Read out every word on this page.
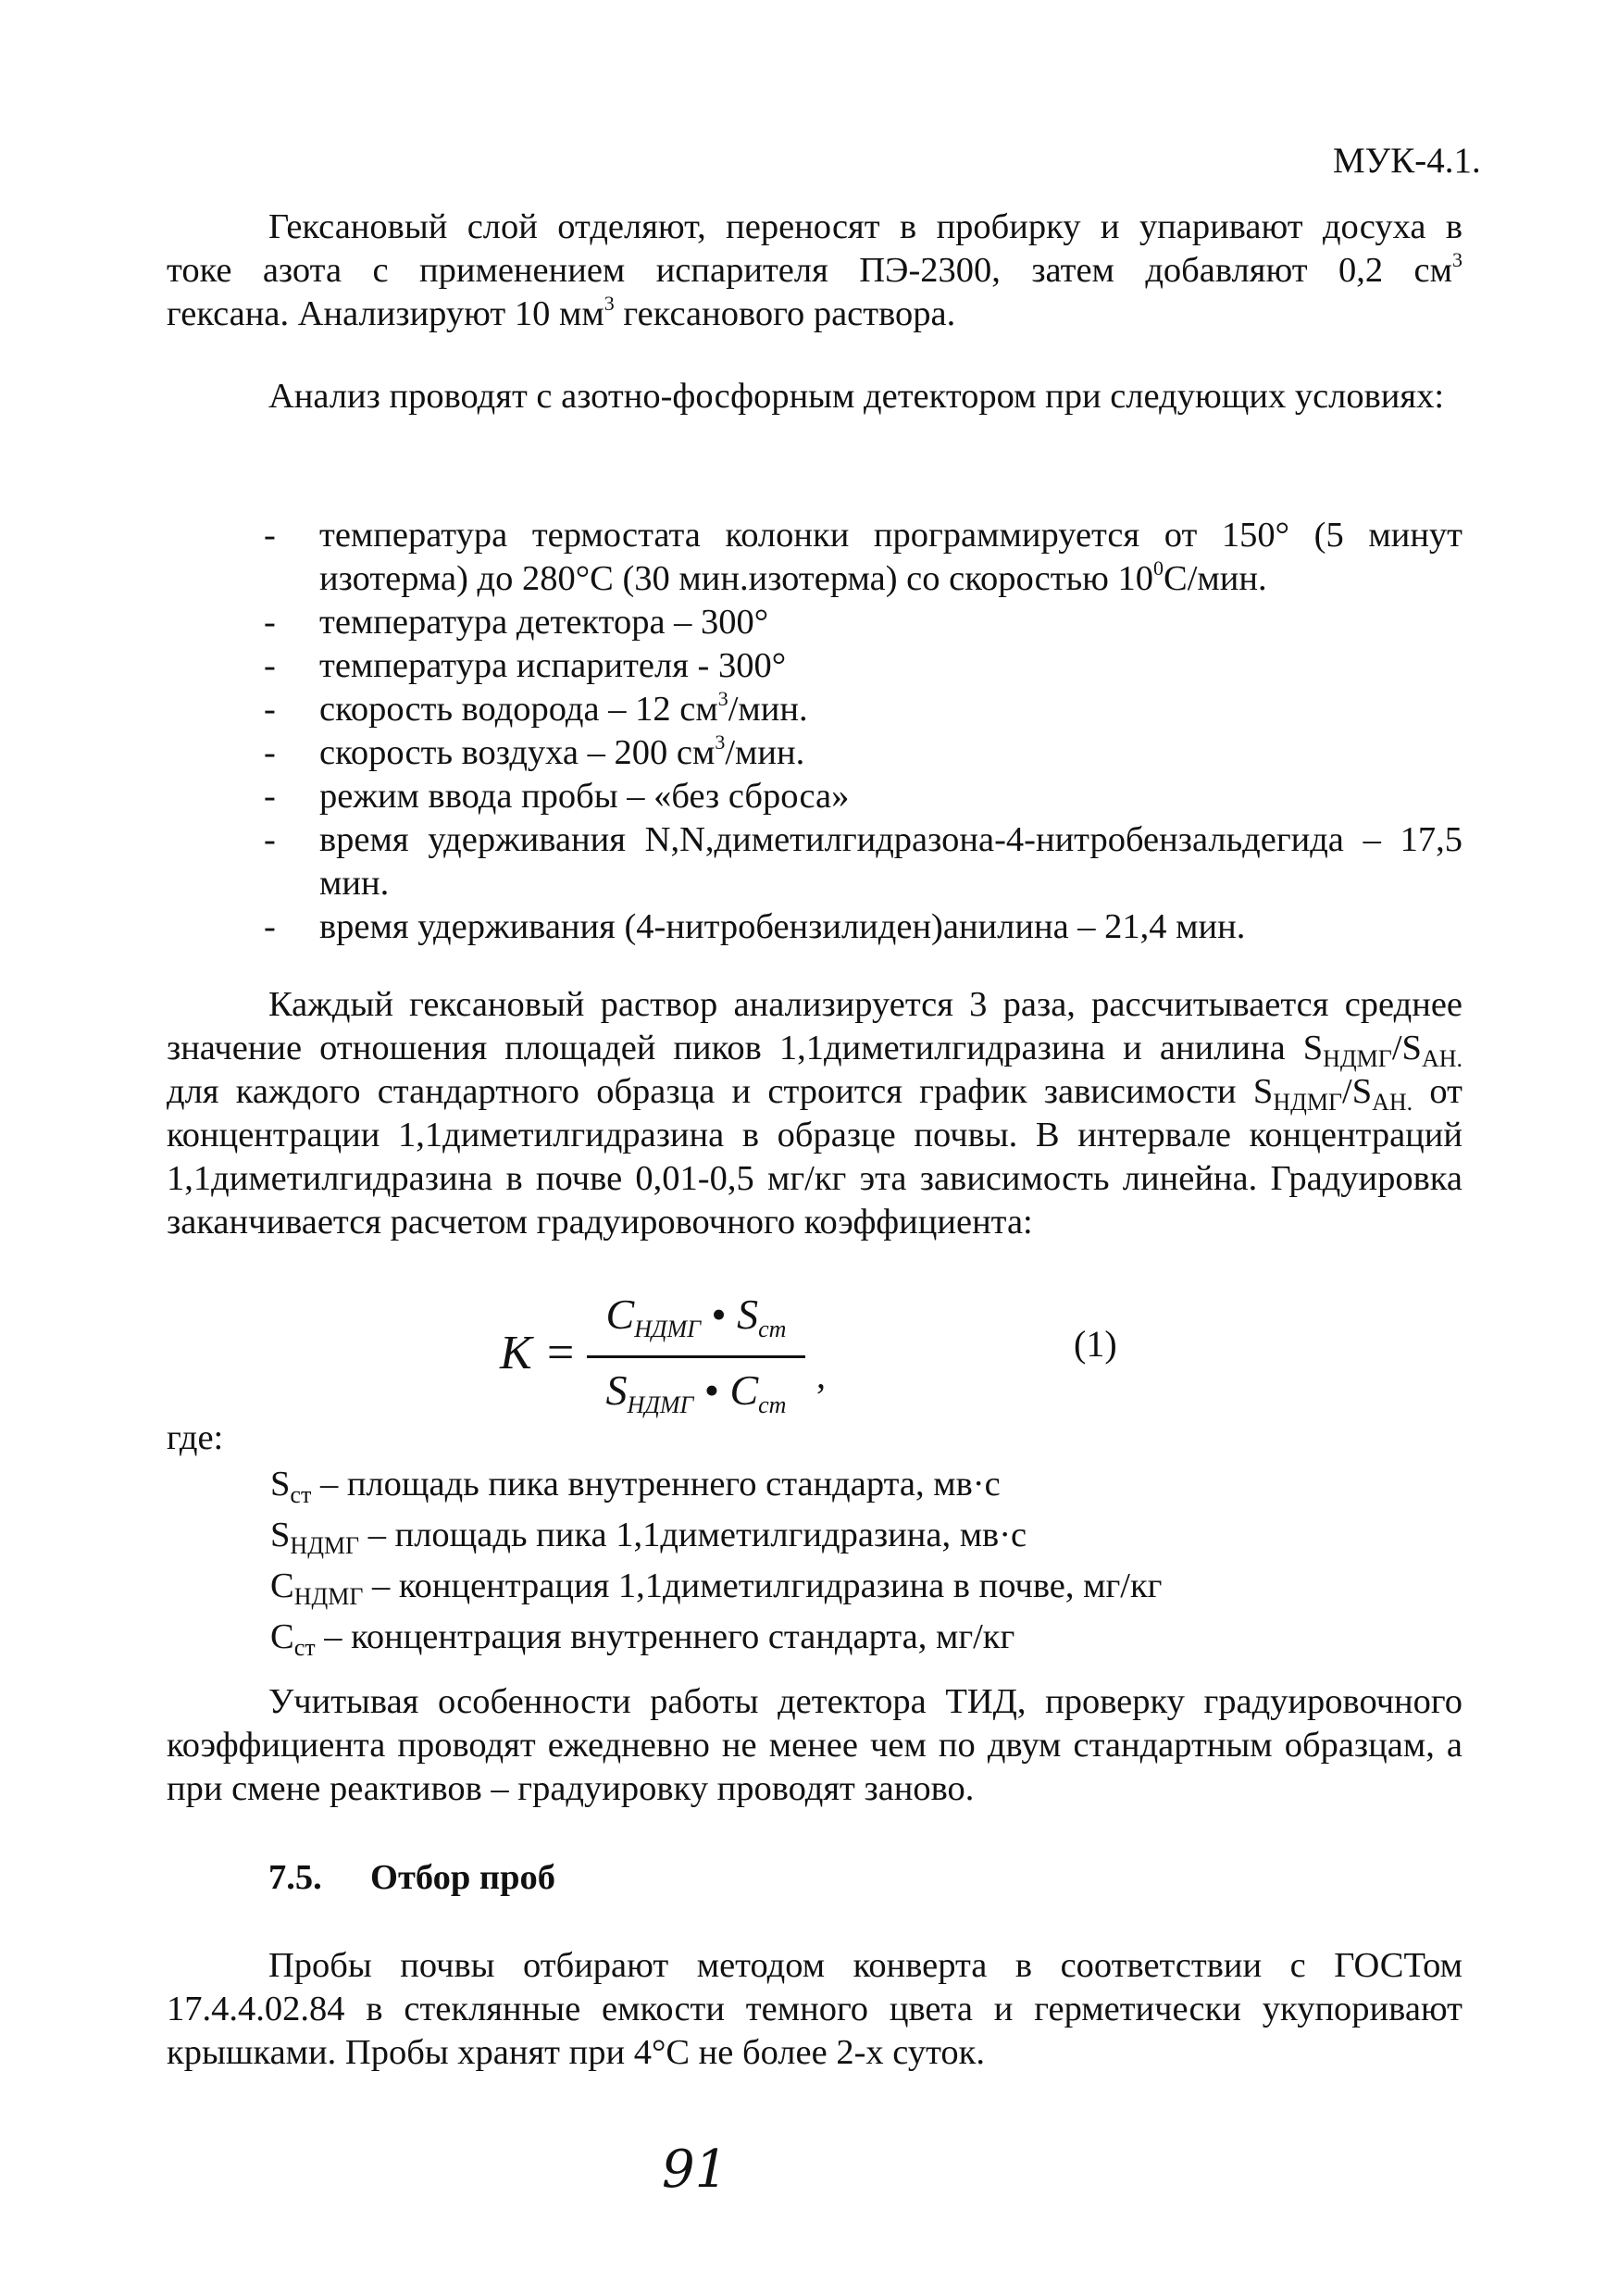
МУК-4.1.

Гексановый слой отделяют, переносят в пробирку и упаривают досуха в

токе азота с применением испарителя ПЭ-2300, затем добавляют 0,2 $см^3$

гексана. Анализируют 10 $мм^3$ гексанового раствора.

Анализ проводят с азотно-фосфорным детектором при следующих условиях:
- температура термостата колонки программируется от 150° (5 минут изотерма) до 280°С (30 мин.изотерма) со скоростью $10^0С$/мин.
- температура детектора – 300°
- температура испарителя - 300°
- скорость водорода – 12 $см^3$/мин.
- скорость воздуха – 200 $см^3$/мин.
- режим ввода пробы – «без сброса»
- время удерживания N,N,диметилгидразона-4-нитробензальдегида – 17,5 мин.
- время удерживания (4-нитробензилиден)анилина – 21,4 мин.

Каждый гексановый раствор анализируется 3 раза, рассчитывается среднее значение отношения площадей пиков 1,1диметилгидразина и анилина $S_{НДМГ}/S_{АН.}$ для каждого стандартного образца и строится график зависимости $S_{НДМГ}/S_{АН.}$ от концентрации 1,1диметилгидразина в образце почвы. В интервале концентраций 1,1диметилгидразина в почве 0,01-0,5 мг/кг эта зависимость линейна. Градуировка заканчивается расчетом градуировочного коэффициента:

K =
$C_{НДМГ}$ • $S_{ст}$
$S_{НДМГ}$ • $C_{ст}$
,
(1)
где:

$S_{ст}$ – площадь пика внутреннего стандарта, мв·с

$S_{НДМГ}$ – площадь пика 1,1диметилгидразина, мв·с

$C_{НДМГ}$ – концентрация 1,1диметилгидразина в почве, мг/кг

$C_{ст}$ – концентрация внутреннего стандарта, мг/кг

Учитывая особенности работы детектора ТИД, проверку градуировочного коэффициента проводят ежедневно не менее чем по двум стандартным образцам, а при смене реактивов – градуировку проводят заново.
7.5. Отбор проб
Пробы почвы отбирают методом конверта в соответствии с ГОСТом 17.4.4.02.84 в стеклянные емкости темного цвета и герметически укупоривают крышками. Пробы хранят при 4°С не более 2-х суток.
91
